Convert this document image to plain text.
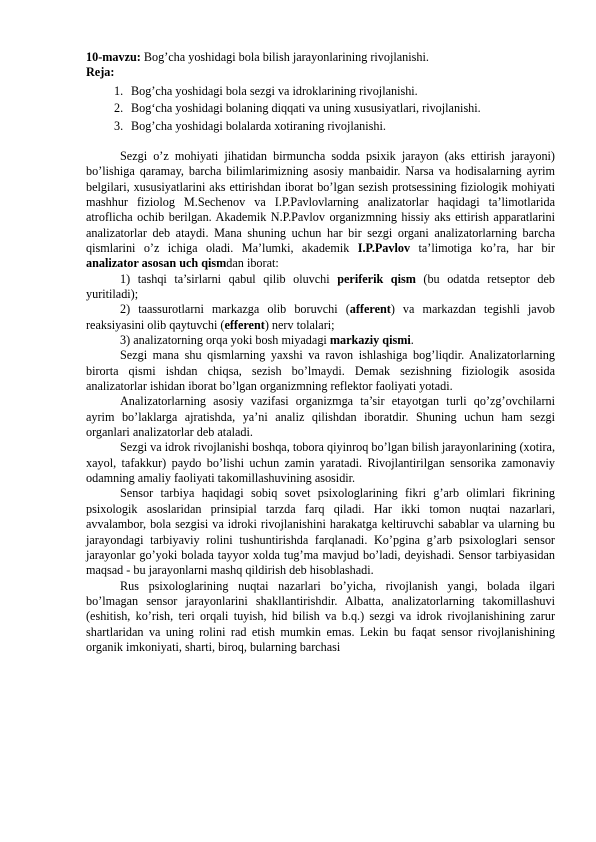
10-mavzu: Bog’cha yoshidagi bola bilish jarayonlarining rivojlanishi.

Reja:

1. Bog’cha yoshidagi bola sezgi va idroklarining rivojlanishi.
2. Bog‘cha yoshidagi bolaning diqqati va uning xususiyatlari, rivojlanishi.
3. Bog’cha yoshidagi bolalarda xotiraning rivojlanishi.

Sezgi o’z mohiyati jihatidan birmuncha sodda psixik jarayon (aks ettirish jarayoni) bo’lishiga qaramay, barcha bilimlarimizning asosiy manbaidir. Narsa va hodisalarning ayrim belgilari, xususiyatlarini aks ettirishdan iborat bo’lgan sezish protsessining fiziologik mohiyati mashhur fiziolog M.Sechenov va I.P.Pavlovlarning analizatorlar haqidagi ta’limotlarida atroflicha ochib berilgan. Akademik N.P.Pavlov organizmning hissiy aks ettirish apparatlarini analizatorlar deb ataydi. Mana shuning uchun har bir sezgi organi analizatorlarning barcha qismlarini o’z ichiga oladi. Ma’lumki, akademik I.P.Pavlov ta’limotiga ko’ra, har bir analizator asosan uch qismdan iborat:

1) tashqi ta’sirlarni qabul qilib oluvchi periferik qism (bu odatda retseptor deb yuritiladi);

2) taassurotlarni markazga olib boruvchi (afferent) va markazdan tegishli javob reaksiyasini olib qaytuvchi (efferent) nerv tolalari;

3) analizatorning orqa yoki bosh miyadagi markaziy qismi.

Sezgi mana shu qismlarning yaxshi va ravon ishlashiga bog’liqdir. Analizatorlarning birorta qismi ishdan chiqsa, sezish bo’lmaydi. Demak sezishning fiziologik asosida analizatorlar ishidan iborat bo’lgan organizmning reflektor faoliyati yotadi.

Analizatorlarning asosiy vazifasi organizmga ta’sir etayotgan turli qo’zg’ovchilarni ayrim bo’laklarga ajratishda, ya’ni analiz qilishdan iboratdir. Shuning uchun ham sezgi organlari analizatorlar deb ataladi.

Sezgi va idrok rivojlanishi boshqa, tobora qiyinroq bo’lgan bilish jarayonlarining (xotira, xayol, tafakkur) paydo bo’lishi uchun zamin yaratadi. Rivojlantirilgan sensorika zamonaviy odamning amaliy faoliyati takomillashuvining asosidir.

Sensor tarbiya haqidagi sobiq sovet psixologlarining fikri g’arb olimlari fikrining psixologik asoslaridan prinsipial tarzda farq qiladi. Har ikki tomon nuqtai nazarlari, avvalambor, bola sezgisi va idroki rivojlanishini harakatga keltiruvchi sabablar va ularning bu jarayondagi tarbiyaviy rolini tushuntirishda farqlanadi. Ko’pgina g’arb psixologlari sensor jarayonlar go’yoki bolada tayyor xolda tug’ma mavjud bo’ladi, deyishadi. Sensor tarbiyasidan maqsad - bu jarayonlarni mashq qildirish deb hisoblashadi.

Rus psixologlarining nuqtai nazarlari bo’yicha, rivojlanish yangi, bolada ilgari bo’lmagan sensor jarayonlarini shakllantirishdir. Albatta, analizatorlarning takomillashuvi (eshitish, ko’rish, teri orqali tuyish, hid bilish va b.q.) sezgi va idrok rivojlanishining zarur shartlaridan va uning rolini rad etish mumkin emas. Lekin bu faqat sensor rivojlanishining organik imkoniyati, sharti, biroq, bularning barchasi
